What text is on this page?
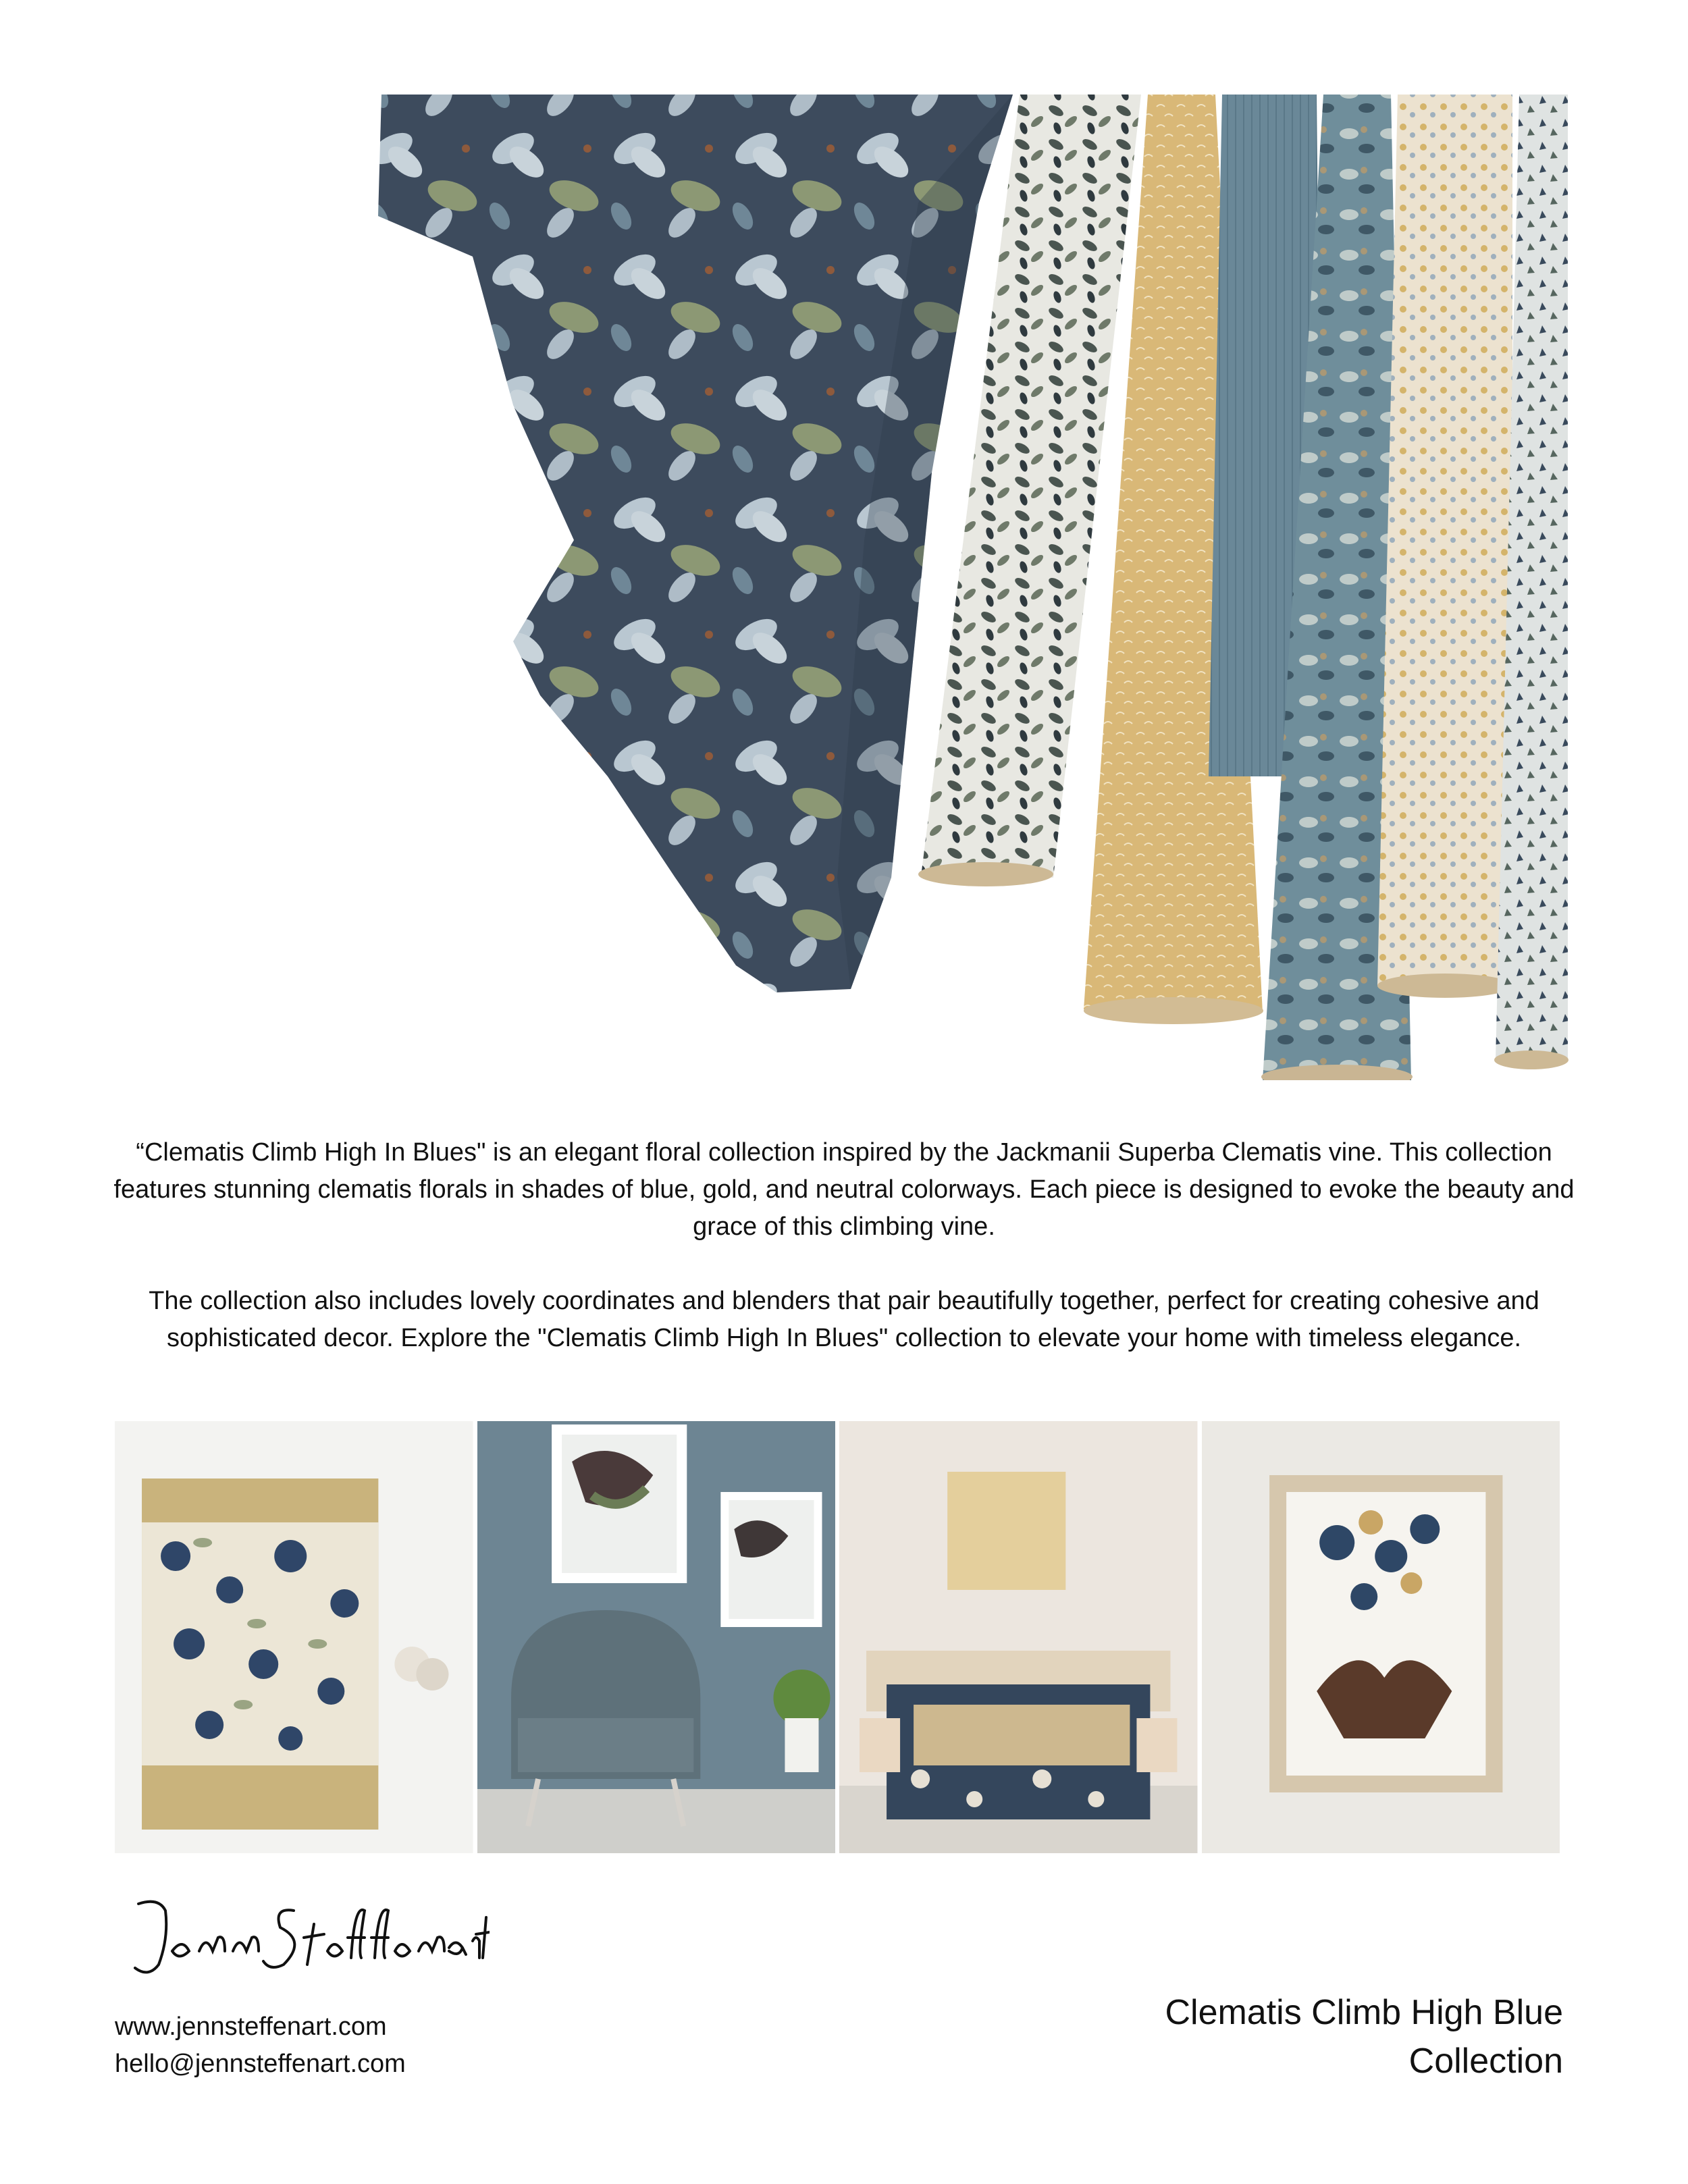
“Clematis Climb High In Blues" is an elegant floral collection inspired by the Jackmanii Superba Clematis vine. This collection features stunning clematis florals in shades of blue, gold, and neutral colorways. Each piece is designed to evoke the beauty and grace of this climbing vine.

The collection also includes lovely coordinates and blenders that pair beautifully together, perfect for creating cohesive and sophisticated decor. Explore the "Clematis Climb High In Blues" collection to elevate your home with timeless elegance.

www.jennsteffenart.com
hello@jennsteffenart.com
Clematis Climb High Blue
Collection
